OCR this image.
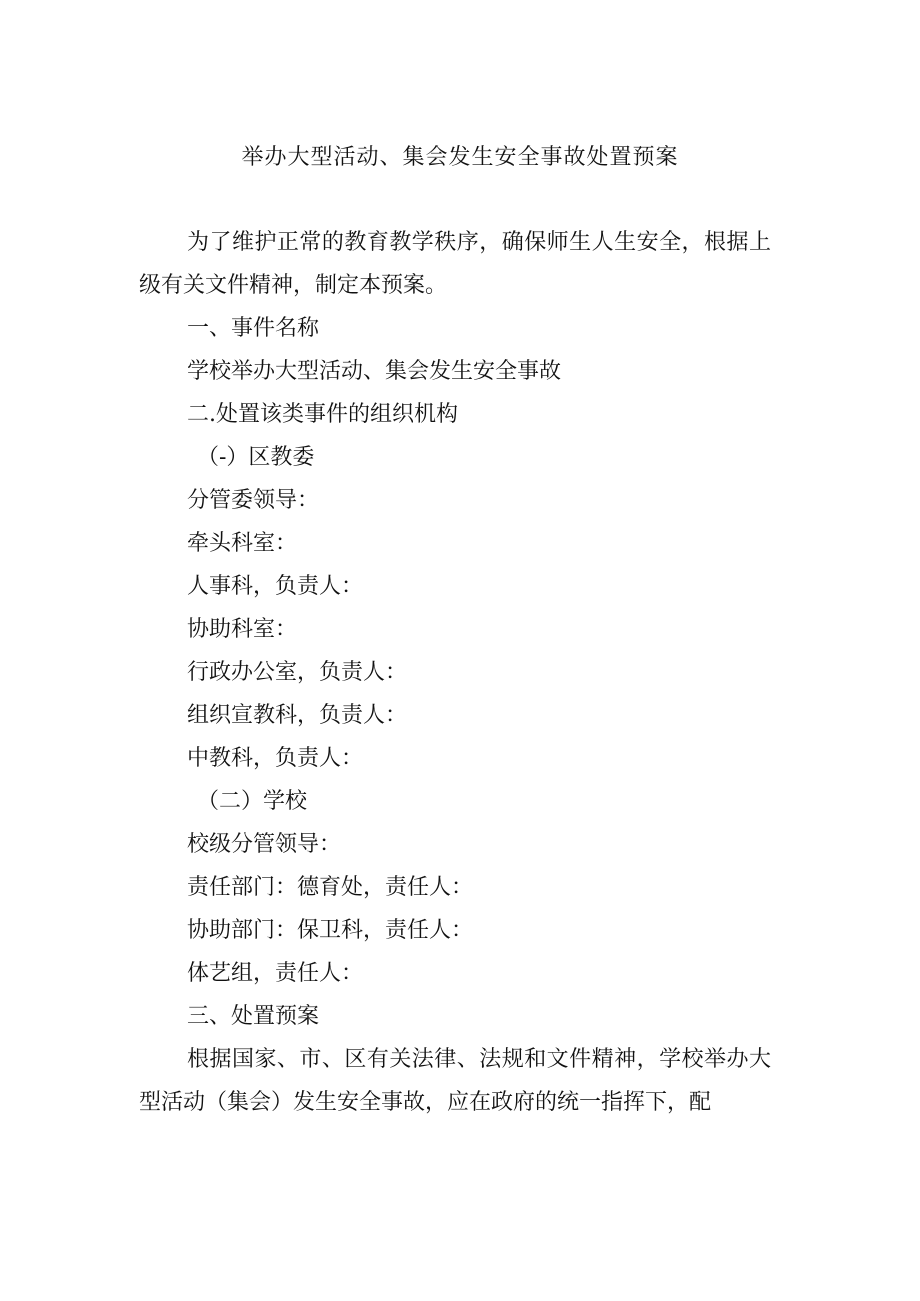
举办大型活动、集会发生安全事故处置预案

为了维护正常的教育教学秩序，确保师生人生安全，根据上级有关文件精神，制定本预案。

一、事件名称

学校举办大型活动、集会发生安全事故

二.处置该类事件的组织机构

（-）区教委

分管委领导：

牵头科室：

人事科，负责人：

协助科室：

行政办公室，负责人：

组织宣教科，负责人：

中教科，负责人：

（二）学校

校级分管领导：

责任部门：德育处，责任人：

协助部门：保卫科，责任人：

体艺组，责任人：

三、处置预案

根据国家、市、区有关法律、法规和文件精神，学校举办大型活动（集会）发生安全事故，应在政府的统一指挥下，配
